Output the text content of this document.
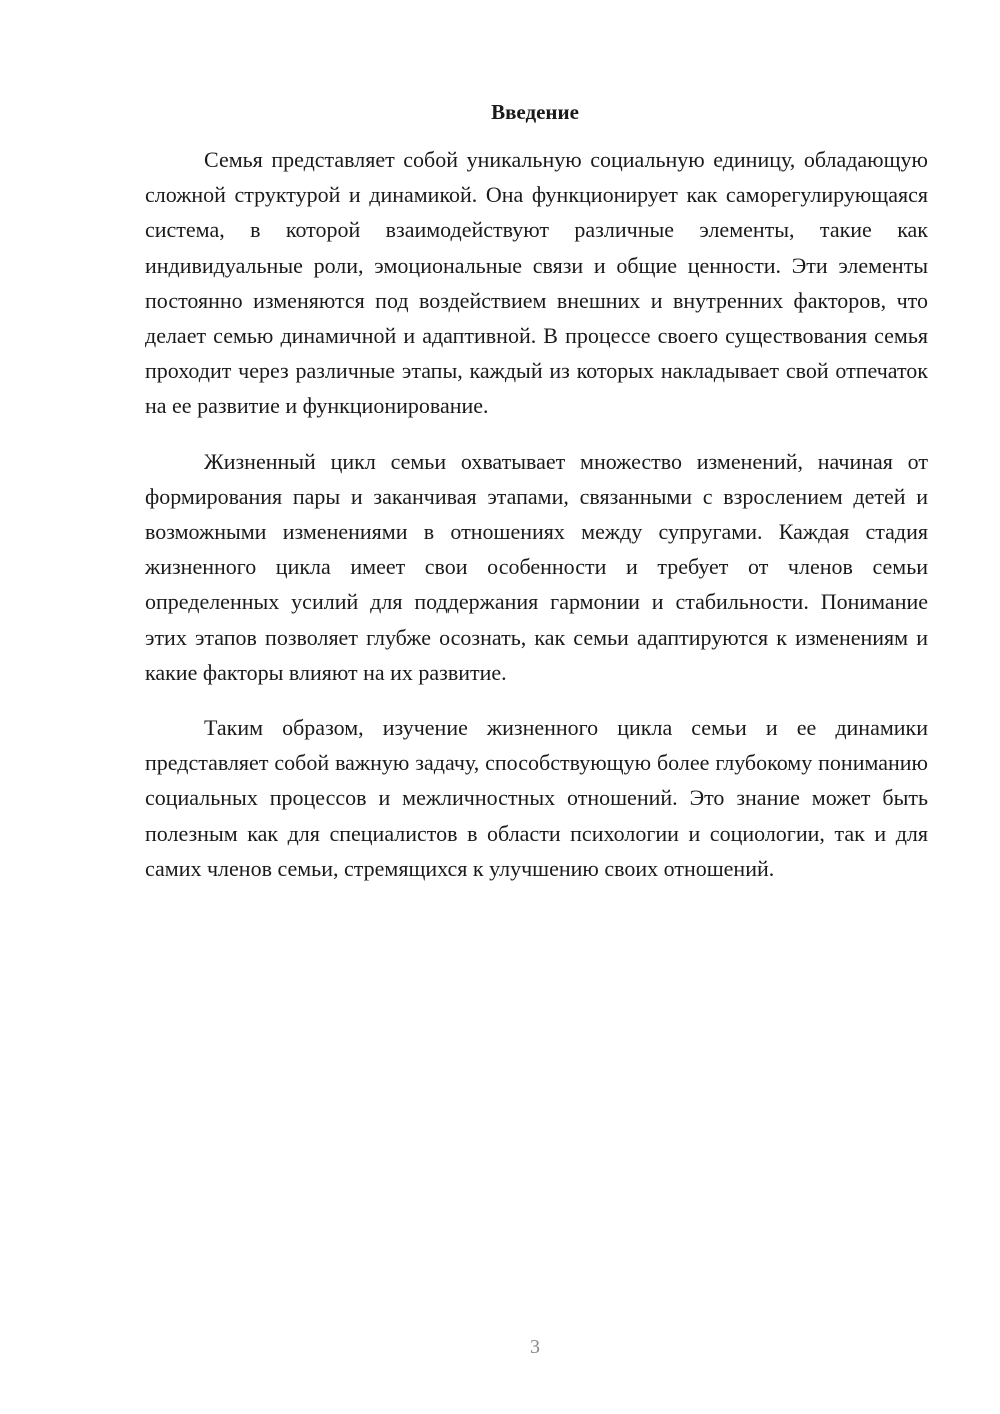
Введение

Семья представляет собой уникальную социальную единицу, обладающую сложной структурой и динамикой. Она функционирует как саморегулирующаяся система, в которой взаимодействуют различные элементы, такие как индивидуальные роли, эмоциональные связи и общие ценности. Эти элементы постоянно изменяются под воздействием внешних и внутренних факторов, что делает семью динамичной и адаптивной. В процессе своего существования семья проходит через различные этапы, каждый из которых накладывает свой отпечаток на ее развитие и функционирование.

Жизненный цикл семьи охватывает множество изменений, начиная от формирования пары и заканчивая этапами, связанными с взрослением детей и возможными изменениями в отношениях между супругами. Каждая стадия жизненного цикла имеет свои особенности и требует от членов семьи определенных усилий для поддержания гармонии и стабильности. Понимание этих этапов позволяет глубже осознать, как семьи адаптируются к изменениям и какие факторы влияют на их развитие.

Таким образом, изучение жизненного цикла семьи и ее динамики представляет собой важную задачу, способствующую более глубокому пониманию социальных процессов и межличностных отношений. Это знание может быть полезным как для специалистов в области психологии и социологии, так и для самих членов семьи, стремящихся к улучшению своих отношений.

3
